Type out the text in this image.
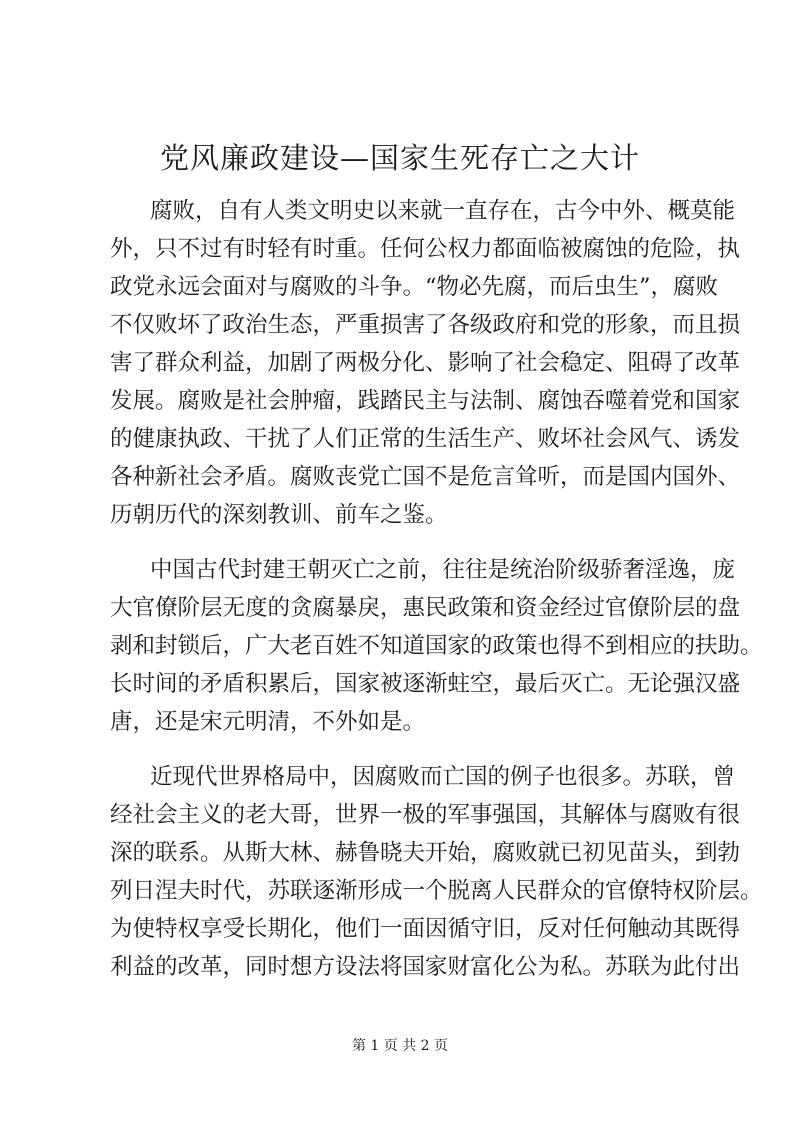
党风廉政建设—国家生死存亡之大计
腐败，自有人类文明史以来就一直存在，古今中外、概莫能
外，只不过有时轻有时重。任何公权力都面临被腐蚀的危险，执
政党永远会面对与腐败的斗争。“物必先腐，而后虫生”，腐败
不仅败坏了政治生态，严重损害了各级政府和党的形象，而且损
害了群众利益，加剧了两极分化、影响了社会稳定、阻碍了改革
发展。腐败是社会肿瘤，践踏民主与法制、腐蚀吞噬着党和国家
的健康执政、干扰了人们正常的生活生产、败坏社会风气、诱发
各种新社会矛盾。腐败丧党亡国不是危言耸听，而是国内国外、
历朝历代的深刻教训、前车之鉴。
中国古代封建王朝灭亡之前，往往是统治阶级骄奢淫逸，庞
大官僚阶层无度的贪腐暴戾，惠民政策和资金经过官僚阶层的盘
剥和封锁后，广大老百姓不知道国家的政策也得不到相应的扶助。
长时间的矛盾积累后，国家被逐渐蛀空，最后灭亡。无论强汉盛
唐，还是宋元明清，不外如是。
近现代世界格局中，因腐败而亡国的例子也很多。苏联，曾
经社会主义的老大哥，世界一极的军事强国，其解体与腐败有很
深的联系。从斯大林、赫鲁晓夫开始，腐败就已初见苗头，到勃
列日涅夫时代，苏联逐渐形成一个脱离人民群众的官僚特权阶层。
为使特权享受长期化，他们一面因循守旧，反对任何触动其既得
利益的改革，同时想方设法将国家财富化公为私。苏联为此付出
第 1 页 共 2 页
